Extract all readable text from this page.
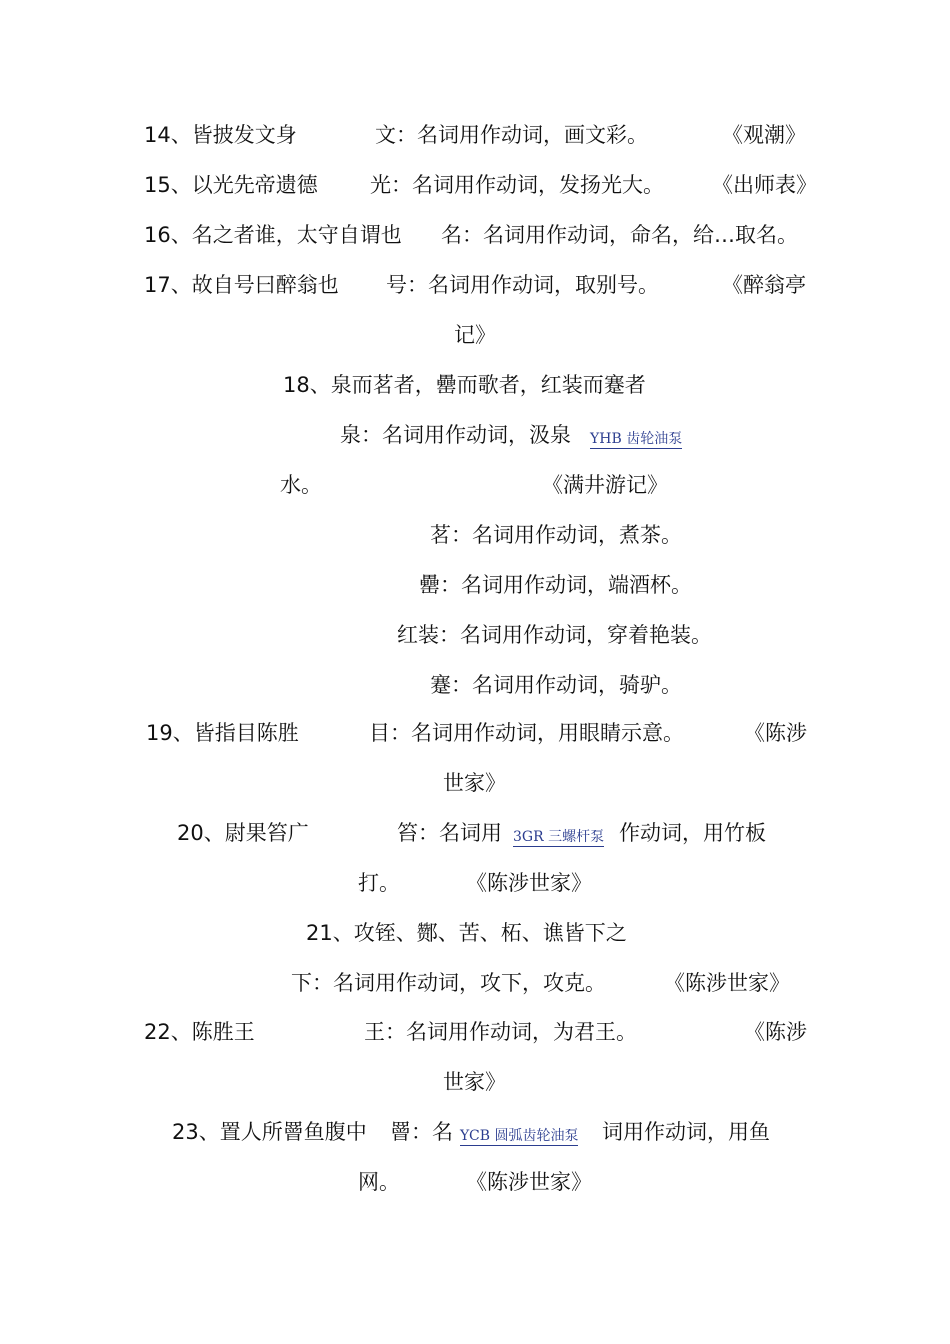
14、皆披发文身	文：名词用作动词，画文彩。	《观潮》
15、以光先帝遗德 光：名词用作动词，发扬光大。 《出师表》
16、名之者谁，太守自谓也 名：名词用作动词，命名，给…取名。
17、故自号曰醉翁也 号：名词用作动词，取别号。	《醉翁亭
记》
18、泉而茗者，罍而歌者，红装而蹇者
泉：名词用作动词，汲泉 YHB 齿轮油泵
水。	《满井游记》
茗：名词用作动词，煮茶。
罍：名词用作动词，端酒杯。
红装：名词用作动词，穿着艳装。
蹇：名词用作动词，骑驴。
19、皆指目陈胜	目：名词用作动词，用眼睛示意。	《陈涉
世家》
20、尉果笞广	笞：名词用 3GR 三螺杆泵 作动词，用竹板
打。	《陈涉世家》
21、攻铚、酂、苦、柘、谯皆下之
下：名词用作动词，攻下，攻克。	《陈涉世家》
22、陈胜王	王：名词用作动词，为君王。	《陈涉
世家》
23、置人所罾鱼腹中 罾：名 YCB 圆弧齿轮油泵 词用作动词，用鱼
网。	《陈涉世家》
